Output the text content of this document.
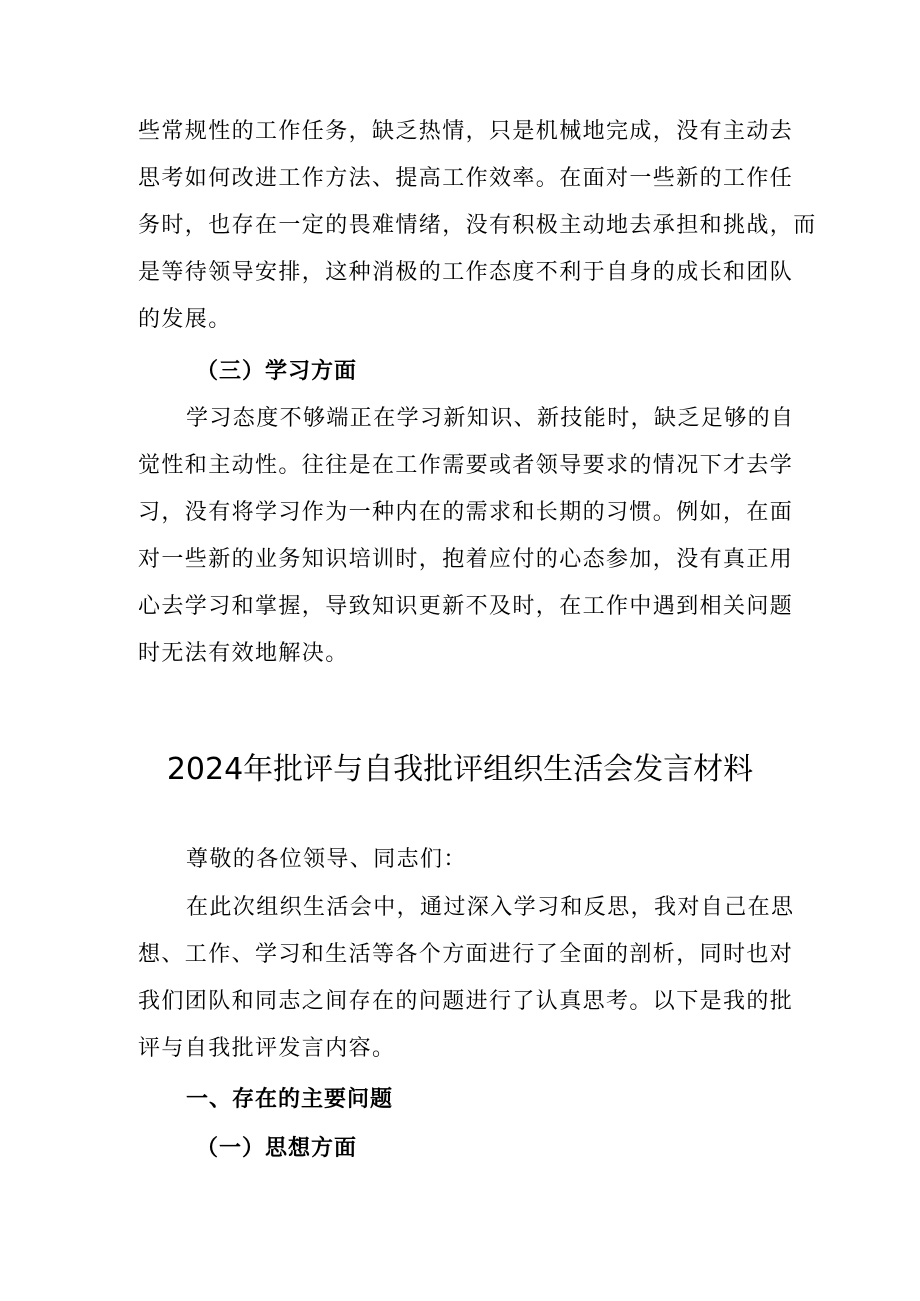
些常规性的工作任务，缺乏热情，只是机械地完成，没有主动去
思考如何改进工作方法、提高工作效率。在面对一些新的工作任
务时，也存在一定的畏难情绪，没有积极主动地去承担和挑战，而
是等待领导安排，这种消极的工作态度不利于自身的成长和团队
的发展。
（三）学习方面
学习态度不够端正在学习新知识、新技能时，缺乏足够的自
觉性和主动性。往往是在工作需要或者领导要求的情况下才去学
习，没有将学习作为一种内在的需求和长期的习惯。例如，在面
对一些新的业务知识培训时，抱着应付的心态参加，没有真正用
心去学习和掌握，导致知识更新不及时，在工作中遇到相关问题
时无法有效地解决。
2024年批评与自我批评组织生活会发言材料
尊敬的各位领导、同志们：
在此次组织生活会中，通过深入学习和反思，我对自己在思
想、工作、学习和生活等各个方面进行了全面的剖析，同时也对
我们团队和同志之间存在的问题进行了认真思考。以下是我的批
评与自我批评发言内容。
一、存在的主要问题
（一）思想方面
